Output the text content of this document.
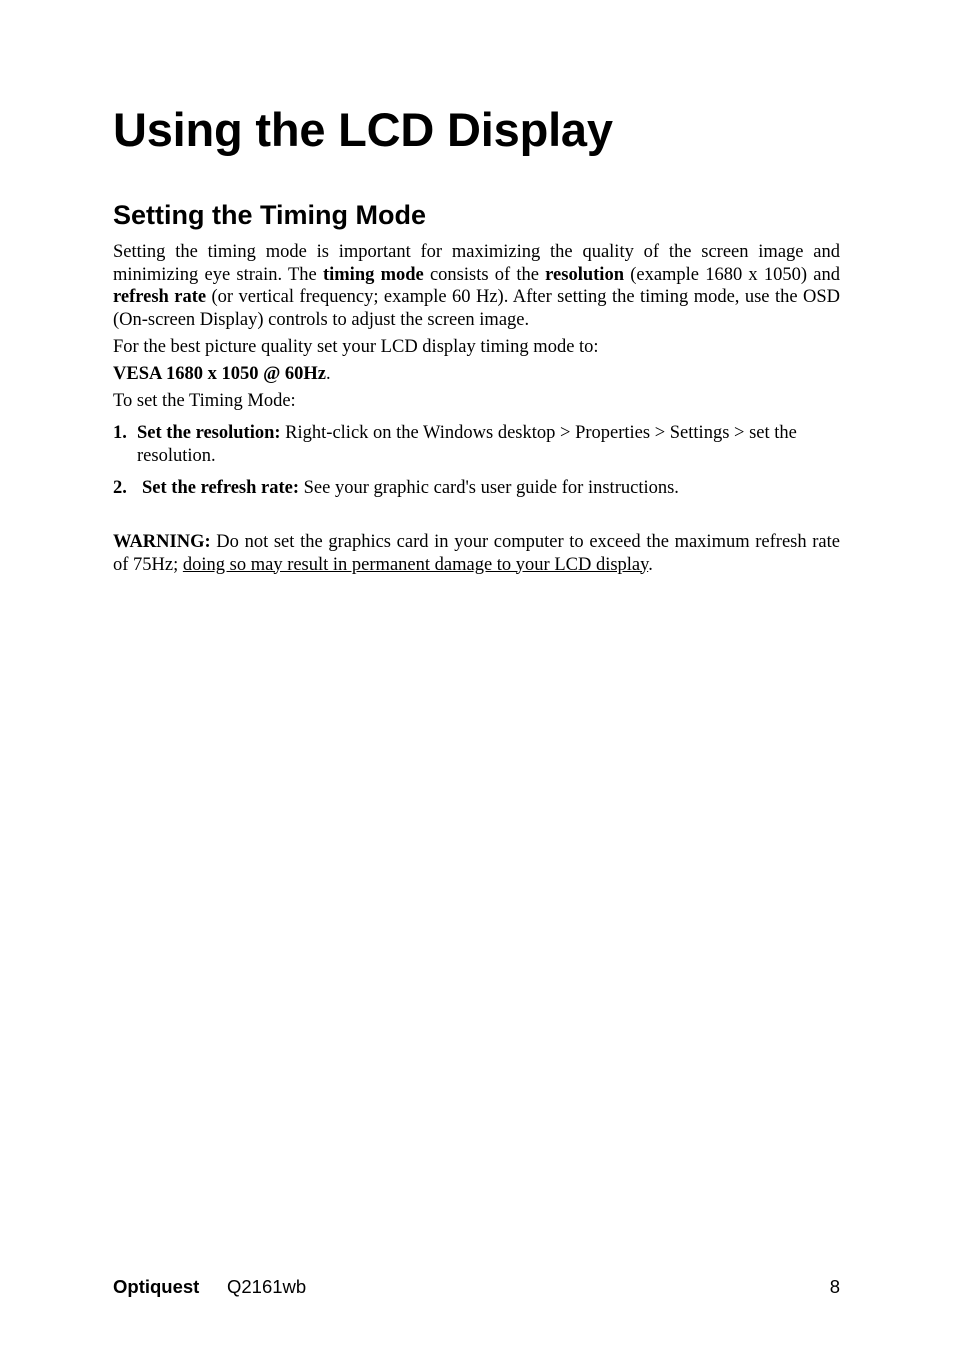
Using the LCD Display
Setting the Timing Mode

Setting the timing mode is important for maximizing the quality of the screen image and minimizing eye strain. The timing mode consists of the resolution (example 1680 x 1050) and refresh rate (or vertical frequency; example 60 Hz). After setting the timing mode, use the OSD (On-screen Display) controls to adjust the screen image.

For the best picture quality set your LCD display timing mode to:

VESA 1680 x 1050 @ 60Hz.

To set the Timing Mode:

1. Set the resolution: Right-click on the Windows desktop > Properties > Settings > set the resolution.
2. Set the refresh rate: See your graphic card's user guide for instructions.

WARNING: Do not set the graphics card in your computer to exceed the maximum refresh rate of 75Hz; doing so may result in permanent damage to your LCD display.

Optiquest Q2161wb	8
